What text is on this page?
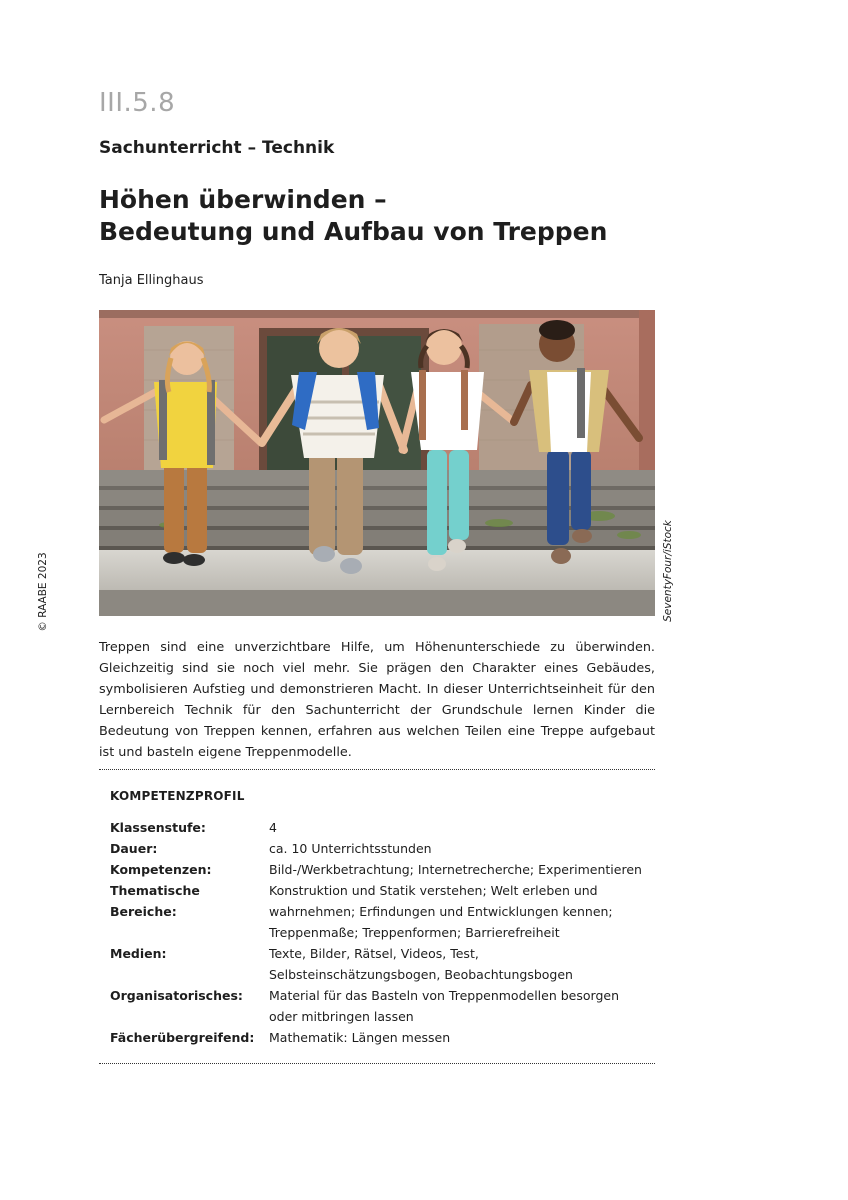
III.5.8
Sachunterricht – Technik
Höhen überwinden –
Bedeutung und Aufbau von Treppen
Tanja Ellinghaus
© RAABE 2023	SeventyFour/iStock
Treppen sind eine unverzichtbare Hilfe, um Höhenunterschiede zu überwinden. Gleichzeitig sind sie noch viel mehr. Sie prägen den Charakter eines Gebäudes, symbolisieren Aufstieg und demonstrieren Macht. In dieser Unterrichtseinheit für den Lernbereich Technik für den Sachunterricht der Grundschule lernen Kinder die Bedeutung von Treppen kennen, erfahren aus welchen Teilen eine Treppe aufgebaut ist und basteln eigene Treppenmodelle.
KOMPETENZPROFIL
Klassenstufe:	4
Dauer:	ca. 10 Unterrichtsstunden
Kompetenzen:	Bild-/Werkbetrachtung; Internetrecherche; Experimentieren
Thematische Bereiche:
Konstruktion und Statik verstehen; Welt erleben und wahrnehmen; Erfindungen und Entwicklungen kennen; Treppenmaße; Treppenformen; Barrierefreiheit
Medien:	Texte, Bilder, Rätsel, Videos, Test, Selbsteinschätzungsbogen, Beobachtungsbogen
Organisatorisches:	Material für das Basteln von Treppenmodellen besorgen oder mitbringen lassen
Fächerübergreifend:	Mathematik: Längen messen
